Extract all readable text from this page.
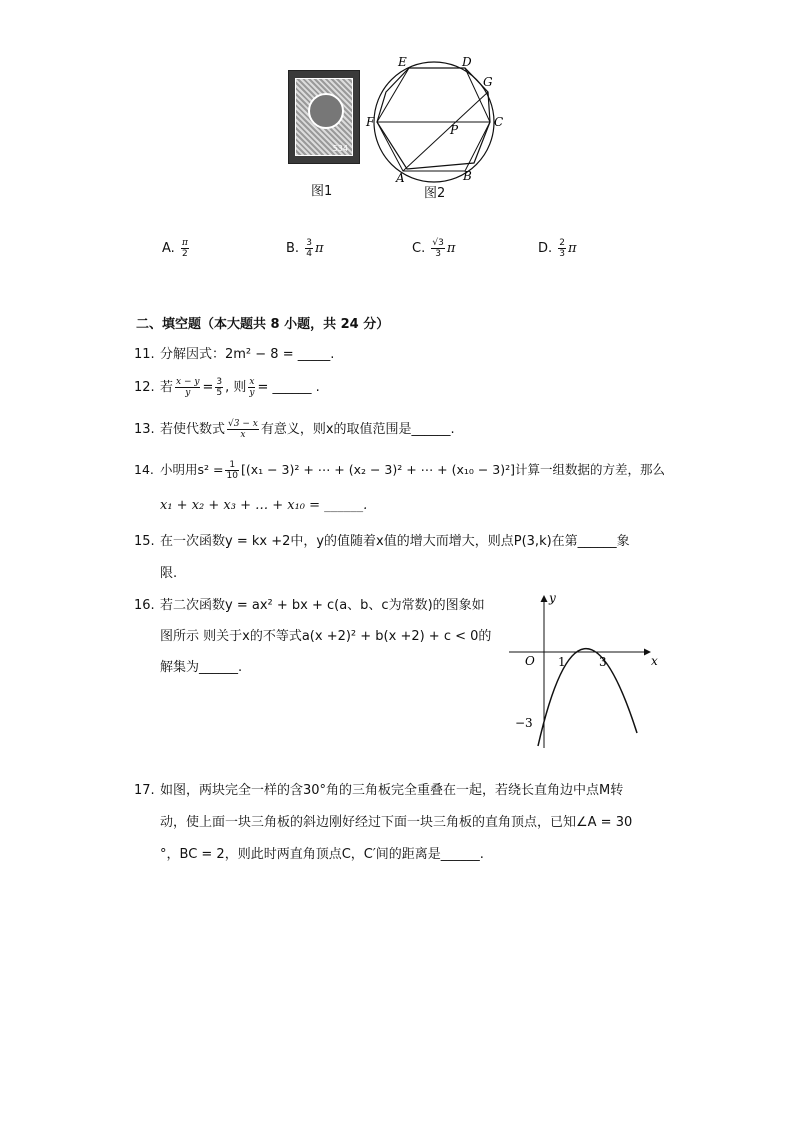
534
图1
E	D
G
F	C
P
A	B
图2
A. $\frac{\pi}{2}$	B. $\frac{3}{4}$ π	C. $\frac{√3}{3}$ π	D. $\frac{2}{3}$ π
二、填空题（本大题共 8 小题，共 24 分）
11. 分解因式：2m² − 8 = _____.
12. 若 $\frac{x - y}{y} = \frac{3}{5}$ , 则 $\frac{x}{y}$ = ______ .
13. 若使代数式 $\frac{√3 - x}{x}$ 有意义，则x的取值范围是______.
14. 小明用$s^2 = \frac{1}{10} [(x_1 - 3)^2$ + ⋯ + (x₂ − 3)² + ⋯ + (x₁₀ − 3)²]计算一组数据的方差，那么
x₁ + x₂ + x₃ + … + x₁₀ = ______.
15. 在一次函数y = kx +2中，y的值随着x值的增大而增大，则点P(3,k)在第______象
限.
16. 若二次函数y = ax² + bx + c(a、b、c为常数)的图象如
图所示 则关于x的不等式a(x +2)² + b(x +2) + c < 0的
解集为______.
y
x
O 1	3
−3
17. 如图，两块完全一样的含30°角的三角板完全重叠在一起，若绕长直角边中点M转
动，使上面一块三角板的斜边刚好经过下面一块三角板的直角顶点，已知∠A = 30
°，BC = 2，则此时两直角顶点C，C′间的距离是______.
